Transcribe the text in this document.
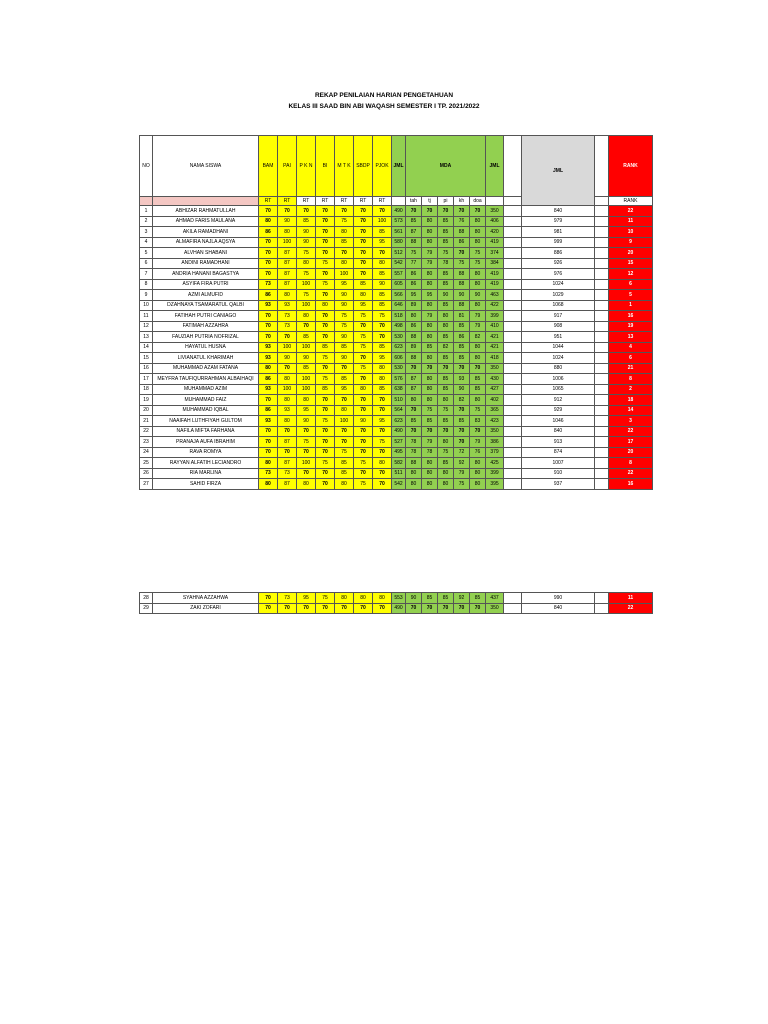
REKAP PENILAIAN HARIAN PENGETAHUAN
KELAS III SAAD BIN ABI WAQASH SEMESTER I TP. 2021/2022
NO	NAMA SISWA	BAM	PAI	P K N	BI	M T K	SBDP	PJOK	JML	MDA					JML		JML		RANK
		RT	RT	RT	RT	RT	RT	RT		tah	tj	pi	kh	doa					RANK
1	ABHIZAR RAHMATULLAH	70	70	70	70	70	70	70	490	70	70	70	70	70	350		840		22
2	AHMAD FARIS MAULANA	80	90	85	70	75	70	100	573	85	80	85	76	80	406		979		11
3	AKILA RAMADHANI	86	80	90	70	80	70	85	561	87	80	85	88	80	420		981		10
4	ALMAFIRA NAJLA AQSYA	70	100	90	70	85	70	95	580	88	80	85	86	80	419		999		9
5	ALVHAN SHABANI	70	87	75	70	70	70	70	512	75	79	75	70	75	374		886		20
6	ANDINI RAMADHANI	70	87	80	75	80	70	80	542	77	79	78	75	75	384		926		15
7	ANDRIA HANANI BAGASTYA	70	87	75	70	100	70	85	557	86	80	85	88	80	419		976		12
8	ASYIFA FIRA PUTRI	73	87	100	75	95	85	90	605	86	80	85	88	80	419		1024		6
9	AZMI ALMUFID	86	80	75	70	90	80	85	566	95	95	90	90	90	463		1029		5
10	DZAHNAYA TSAMARATUL QALBI	93	93	100	80	90	95	85	646	89	80	85	88	80	422		1068		1
11	FATIHAH PUTRI CANIAGO	70	73	80	70	75	75	75	518	80	79	80	81	79	399		917		16
12	FATIMAH AZZAHRA	70	73	70	70	75	70	70	498	86	80	80	85	79	410		908		19
13	FAUZIAH PUTRIA NOFRIZAL	70	70	85	70	90	75	70	530	88	80	85	86	82	421		951		13
14	HAYATUL HUSNA	93	100	100	85	85	75	85	623	89	85	82	85	80	421		1044		4
15	LIVIANATUL KHARIMAH	93	90	90	75	90	70	95	606	88	80	85	85	80	418		1024		6
16	MUHAMMAD AZAM FATANA	80	70	85	70	70	75	80	530	70	70	70	70	70	350		880		21
17	MEYFRA TAUFIQURRAHMAN ALBAIHAQI	86	80	100	75	85	70	80	576	87	80	85	93	85	430		1006		8
18	MUHAMMAD AZIM	93	100	100	85	95	80	85	638	87	80	85	90	85	427		1065		2
19	MUHAMMAD FAIZ	70	80	80	70	70	70	70	510	80	80	80	82	80	402		912		18
20	MUHAMMAD IQBAL	86	93	95	70	80	70	70	564	70	75	75	70	75	365		929		14
21	NAAIFAH LUTHFIYAH GULTOM	93	80	90	75	100	90	95	623	85	85	85	85	83	423		1046		3
22	NAFILA MIFTA FARHANA	70	70	70	70	70	70	70	490	70	70	70	70	70	350		840		22
23	PRANAJA AUFA IBRAHIM	70	87	75	70	70	70	75	527	78	79	80	70	79	386		913		17
24	RAVA ROMYA	70	70	70	70	75	70	70	495	78	78	75	72	76	379		874		20
25	RAYYAN ALFATIH LECIANDRO	80	87	100	75	85	75	80	582	88	80	85	92	80	425		1007		8
26	RIA MARLINA	73	73	70	70	85	70	70	511	80	80	80	79	80	399		910		22
27	SAHID FIRZA	80	87	80	70	80	75	70	542	80	80	80	75	80	395		937		16
28	SYAHNA AZZAHWA	70	73	95	75	80	80	80	553	90	85	85	92	85	437		990		11
29	ZAKI ZOFARI	70	70	70	70	70	70	70	490	70	70	70	70	70	350		840		22
